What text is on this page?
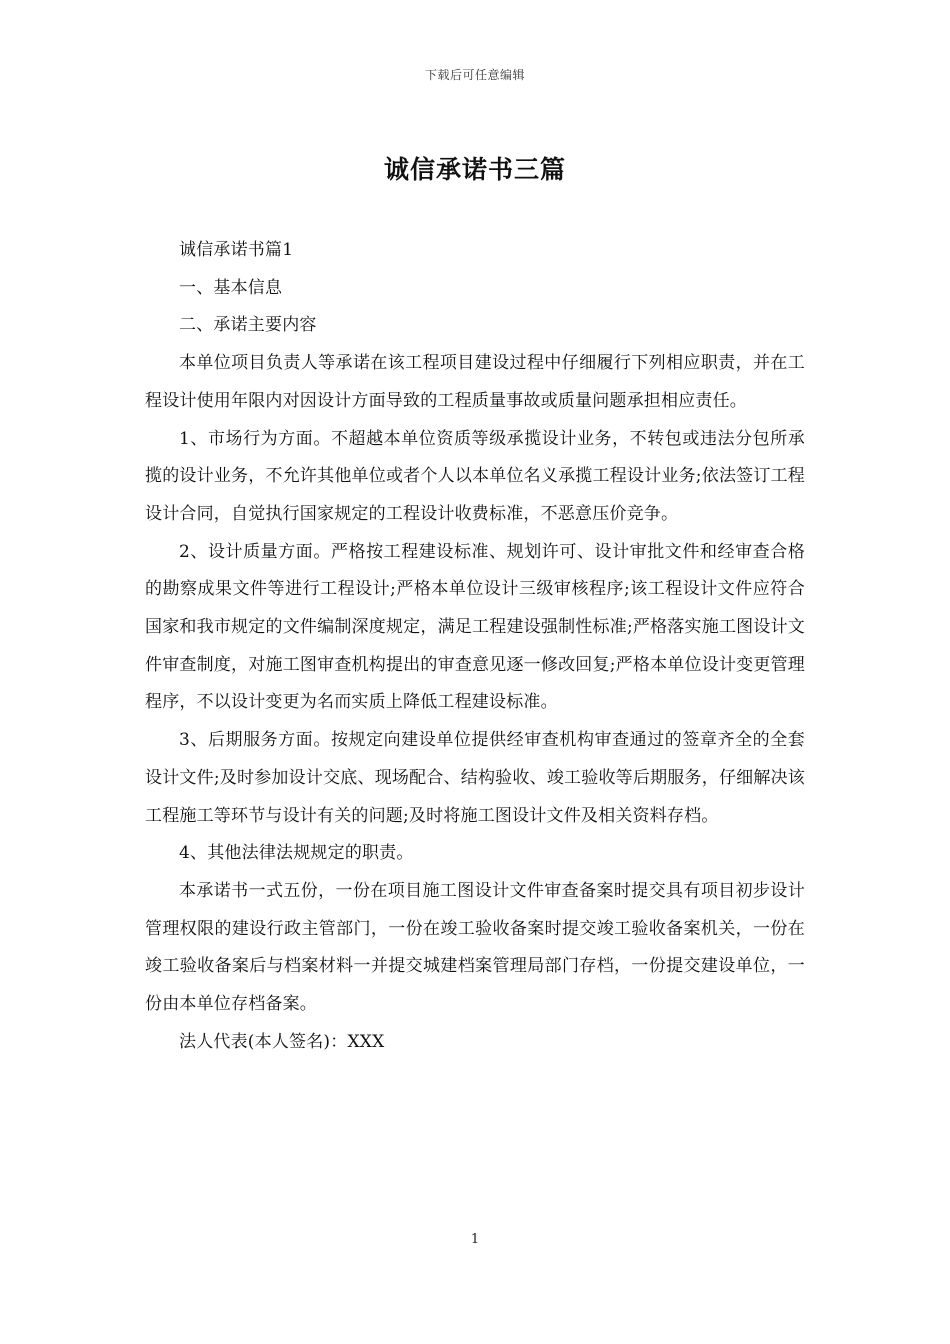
下载后可任意编辑
诚信承诺书三篇

诚信承诺书篇1

一、基本信息

二、承诺主要内容

本单位项目负责人等承诺在该工程项目建设过程中仔细履行下列相应职责，并在工程设计使用年限内对因设计方面导致的工程质量事故或质量问题承担相应责任。

1、市场行为方面。不超越本单位资质等级承揽设计业务，不转包或违法分包所承揽的设计业务，不允许其他单位或者个人以本单位名义承揽工程设计业务;依法签订工程设计合同，自觉执行国家规定的工程设计收费标准，不恶意压价竞争。

2、设计质量方面。严格按工程建设标准、规划许可、设计审批文件和经审查合格的勘察成果文件等进行工程设计;严格本单位设计三级审核程序;该工程设计文件应符合国家和我市规定的文件编制深度规定，满足工程建设强制性标准;严格落实施工图设计文件审查制度，对施工图审查机构提出的审查意见逐一修改回复;严格本单位设计变更管理程序，不以设计变更为名而实质上降低工程建设标准。

3、后期服务方面。按规定向建设单位提供经审查机构审查通过的签章齐全的全套设计文件;及时参加设计交底、现场配合、结构验收、竣工验收等后期服务，仔细解决该工程施工等环节与设计有关的问题;及时将施工图设计文件及相关资料存档。

4、其他法律法规规定的职责。

本承诺书一式五份，一份在项目施工图设计文件审查备案时提交具有项目初步设计管理权限的建设行政主管部门，一份在竣工验收备案时提交竣工验收备案机关，一份在竣工验收备案后与档案材料一并提交城建档案管理局部门存档，一份提交建设单位，一份由本单位存档备案。

法人代表(本人签名)：XXX

1
